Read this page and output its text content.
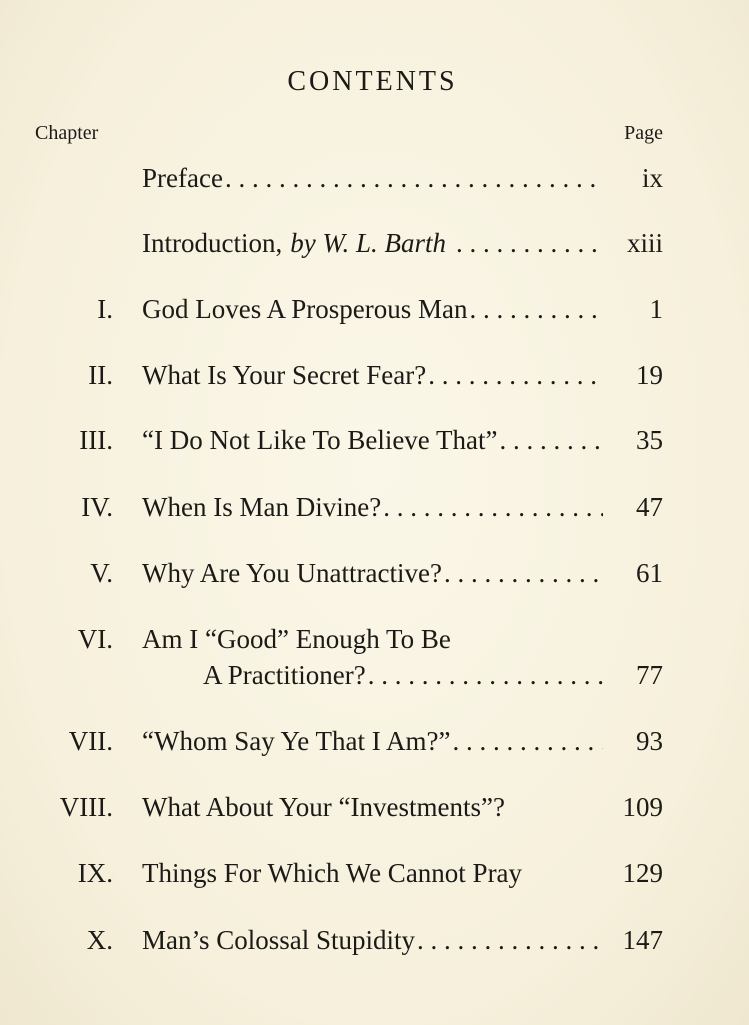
CONTENTS
Chapter	Page
Preface . . .	ix
Introduction, by W. L. Barth . . .	xiii
I. God Loves A Prosperous Man . . .	1
II. What Is Your Secret Fear? . . .	19
III. “I Do Not Like To Believe That” . . .	35
IV. When Is Man Divine? . . .	47
V. Why Are You Unattractive? . . .	61
VI. Am I “Good” Enough To Be
A Practitioner? . . .	77
VII. “Whom Say Ye That I Am?” . . .	93
VIII. What About Your “Investments”?	109
IX. Things For Which We Cannot Pray	129
X. Man’s Colossal Stupidity . . .	147
